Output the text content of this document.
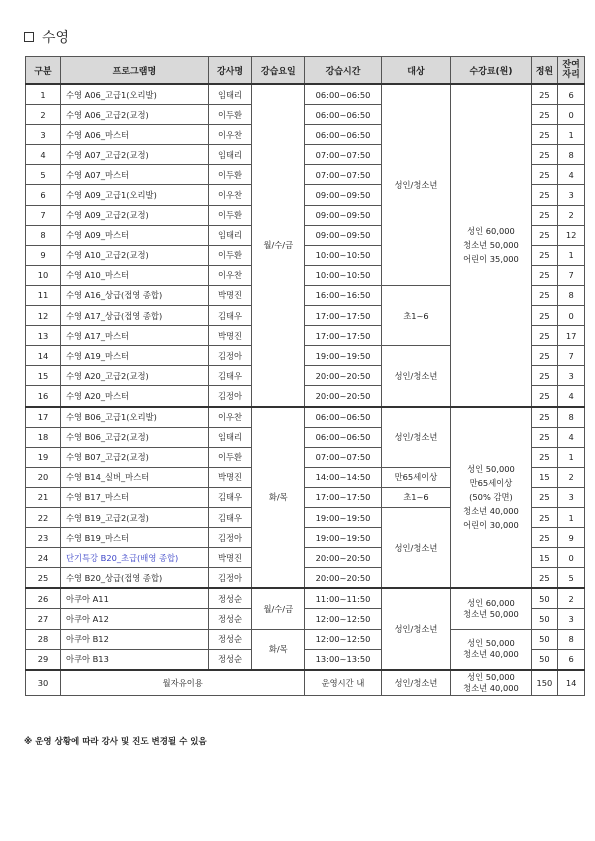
수영
구분	프로그램명	강사명	강습요일	강습시간	대상	수강료(원)	정원	잔여
자리

1	수영 A06_고급1(오리발)	임태리	월/수/금	06:00~06:50	성인/청소년	성인 60,000
청소년 50,000
어린이 35,000	25	6
2	수영 A06_고급2(교정)	이두환		06:00~06:50			25	0
3	수영 A06_마스터	이우찬		06:00~06:50			25	1
4	수영 A07_고급2(교정)	임태리		07:00~07:50			25	8
5	수영 A07_마스터	이두환		07:00~07:50			25	4
6	수영 A09_고급1(오리발)	이우찬		09:00~09:50			25	3
7	수영 A09_고급2(교정)	이두환		09:00~09:50			25	2
8	수영 A09_마스터	임태리		09:00~09:50			25	12
9	수영 A10_고급2(교정)	이두환		10:00~10:50			25	1
10	수영 A10_마스터	이우찬		10:00~10:50			25	7
11	수영 A16_상급(접영 종합)	박명진		16:00~16:50	초1~6		25	8
12	수영 A17_상급(접영 종합)	김태우		17:00~17:50			25	0
13	수영 A17_마스터	박명진		17:00~17:50			25	17
14	수영 A19_마스터	김정아		19:00~19:50	성인/청소년		25	7
15	수영 A20_고급2(교정)	김태우		20:00~20:50			25	3
16	수영 A20_마스터	김정아		20:00~20:50			25	4
17	수영 B06_고급1(오리발)	이우찬	화/목	06:00~06:50	성인/청소년	성인 50,000
만65세이상
(50% 감면)
청소년 40,000
어린이 30,000	25	8
18	수영 B06_고급2(교정)	임태리		06:00~06:50			25	4
19	수영 B07_고급2(교정)	이두환		07:00~07:50			25	1
20	수영 B14_실버_마스터	박명진		14:00~14:50	만65세이상		15	2
21	수영 B17_마스터	김태우		17:00~17:50	초1~6		25	3
22	수영 B19_고급2(교정)	김태우		19:00~19:50	성인/청소년		25	1
23	수영 B19_마스터	김정아		19:00~19:50			25	9
24	단기특강 B20_초급(배영 종합)	박명진		20:00~20:50			15	0
25	수영 B20_상급(접영 종합)	김정아		20:00~20:50			25	5
26	아쿠아 A11	정성순	월/수/금	11:00~11:50	성인/청소년	성인 60,000
청소년 50,000	50	2
27	아쿠아 A12	정성순		12:00~12:50			50	3
28	아쿠아 B12	정성순	화/목	12:00~12:50		성인 50,000
청소년 40,000	50	8
29	아쿠아 B13	정성순		13:00~13:50			50	6
30	월자유이용			운영시간 내	성인/청소년	성인 50,000
청소년 40,000	150	14
※ 운영 상황에 따라 강사 및 진도 변경될 수 있음
